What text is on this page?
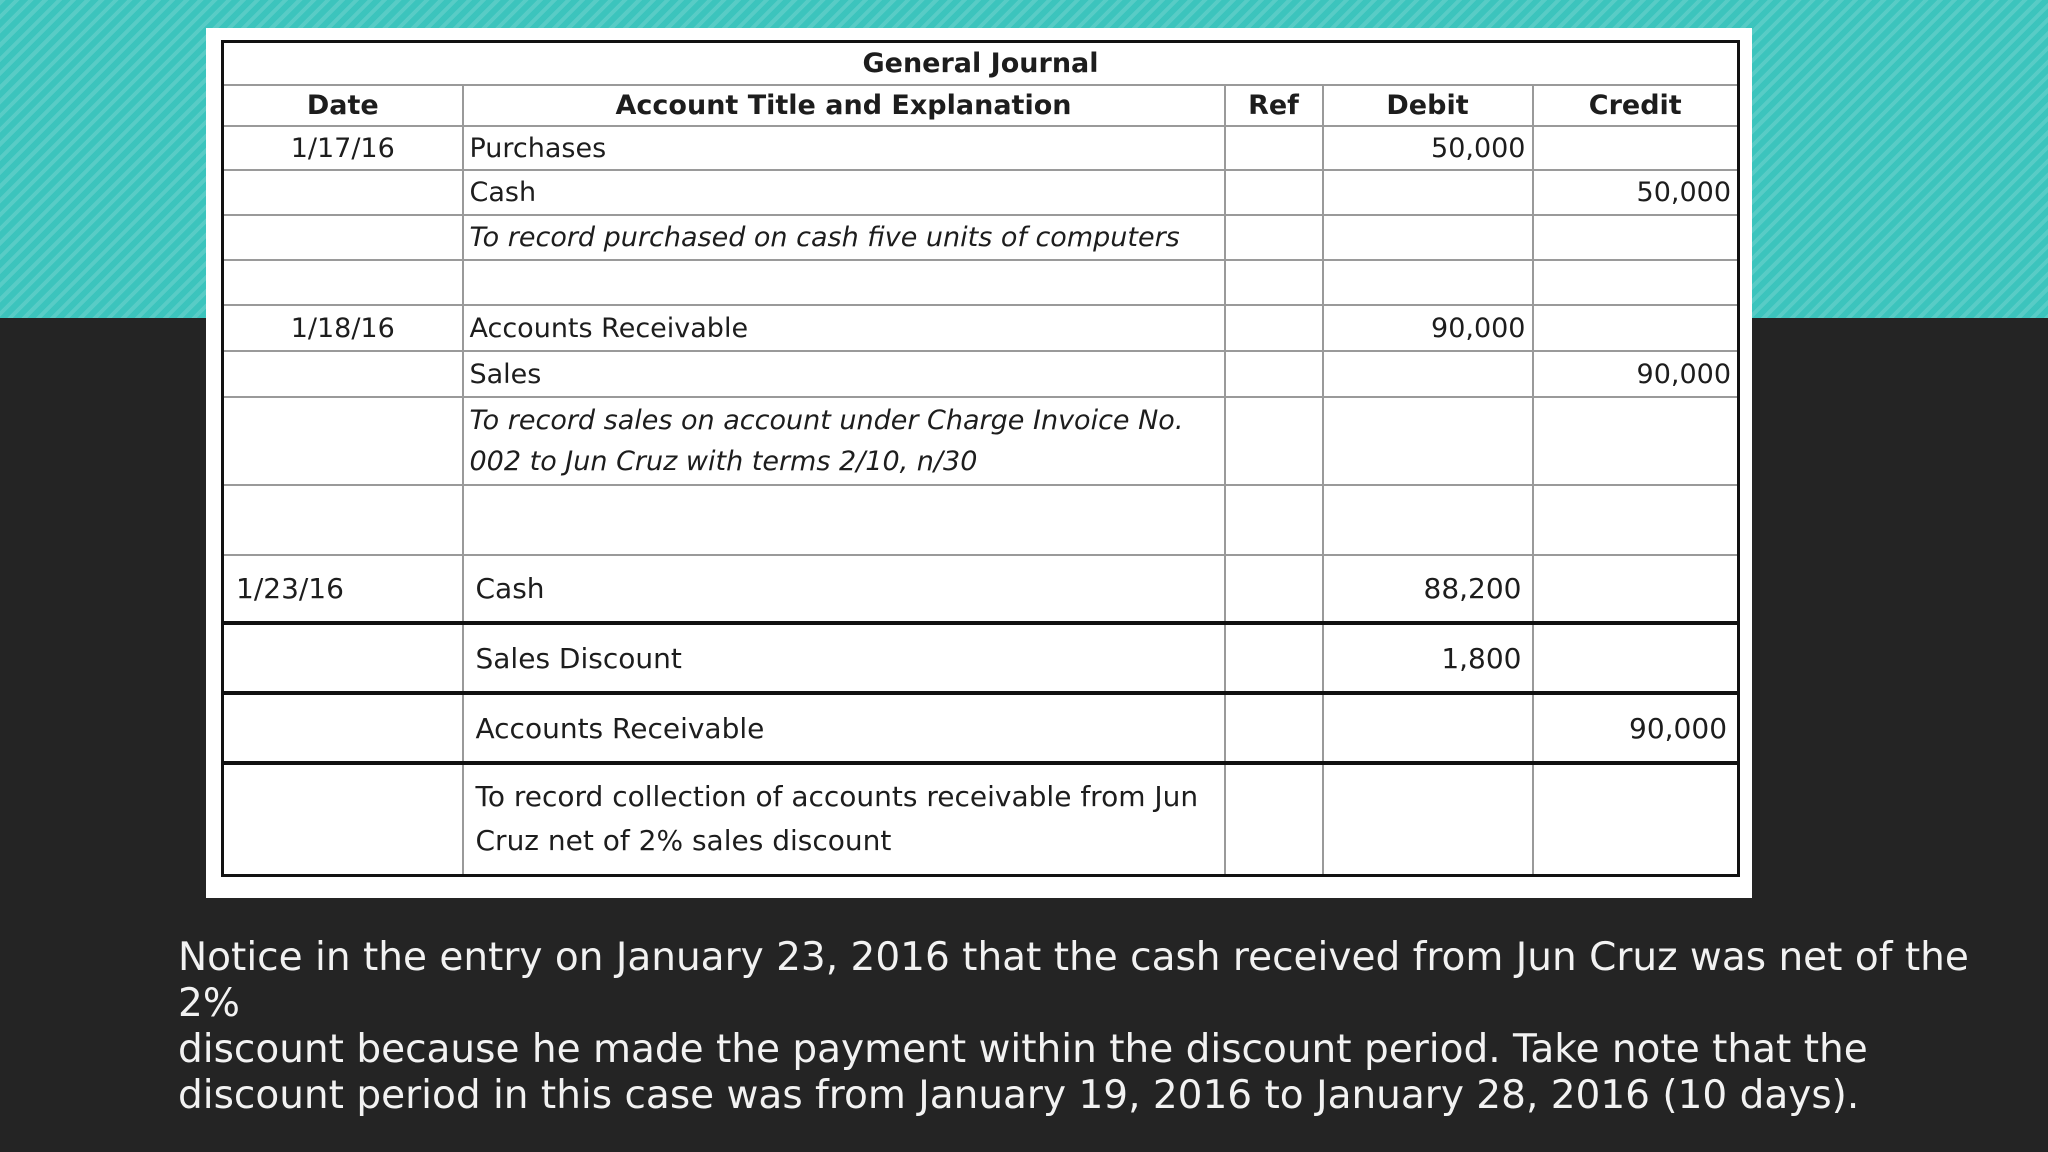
General Journal				
Date	Account Title and Explanation	Ref	Debit	Credit
1/17/16	Purchases		50,000	
	Cash			50,000
	To record purchased on cash five units of computers			

1/18/16	Accounts Receivable		90,000	
	Sales			90,000
	To record sales on account under Charge Invoice No. 002 to Jun Cruz with terms 2/10, n/30			

1/23/16	Cash		88,200	
	Sales Discount		1,800	
	Accounts Receivable			90,000
	To record collection of accounts receivable from Jun Cruz net of 2% sales discount			

Notice in the entry on January 23, 2016 that the cash received from Jun Cruz was net of the 2%

discount because he made the payment within the discount period. Take note that the

discount period in this case was from January 19, 2016 to January 28, 2016 (10 days).
